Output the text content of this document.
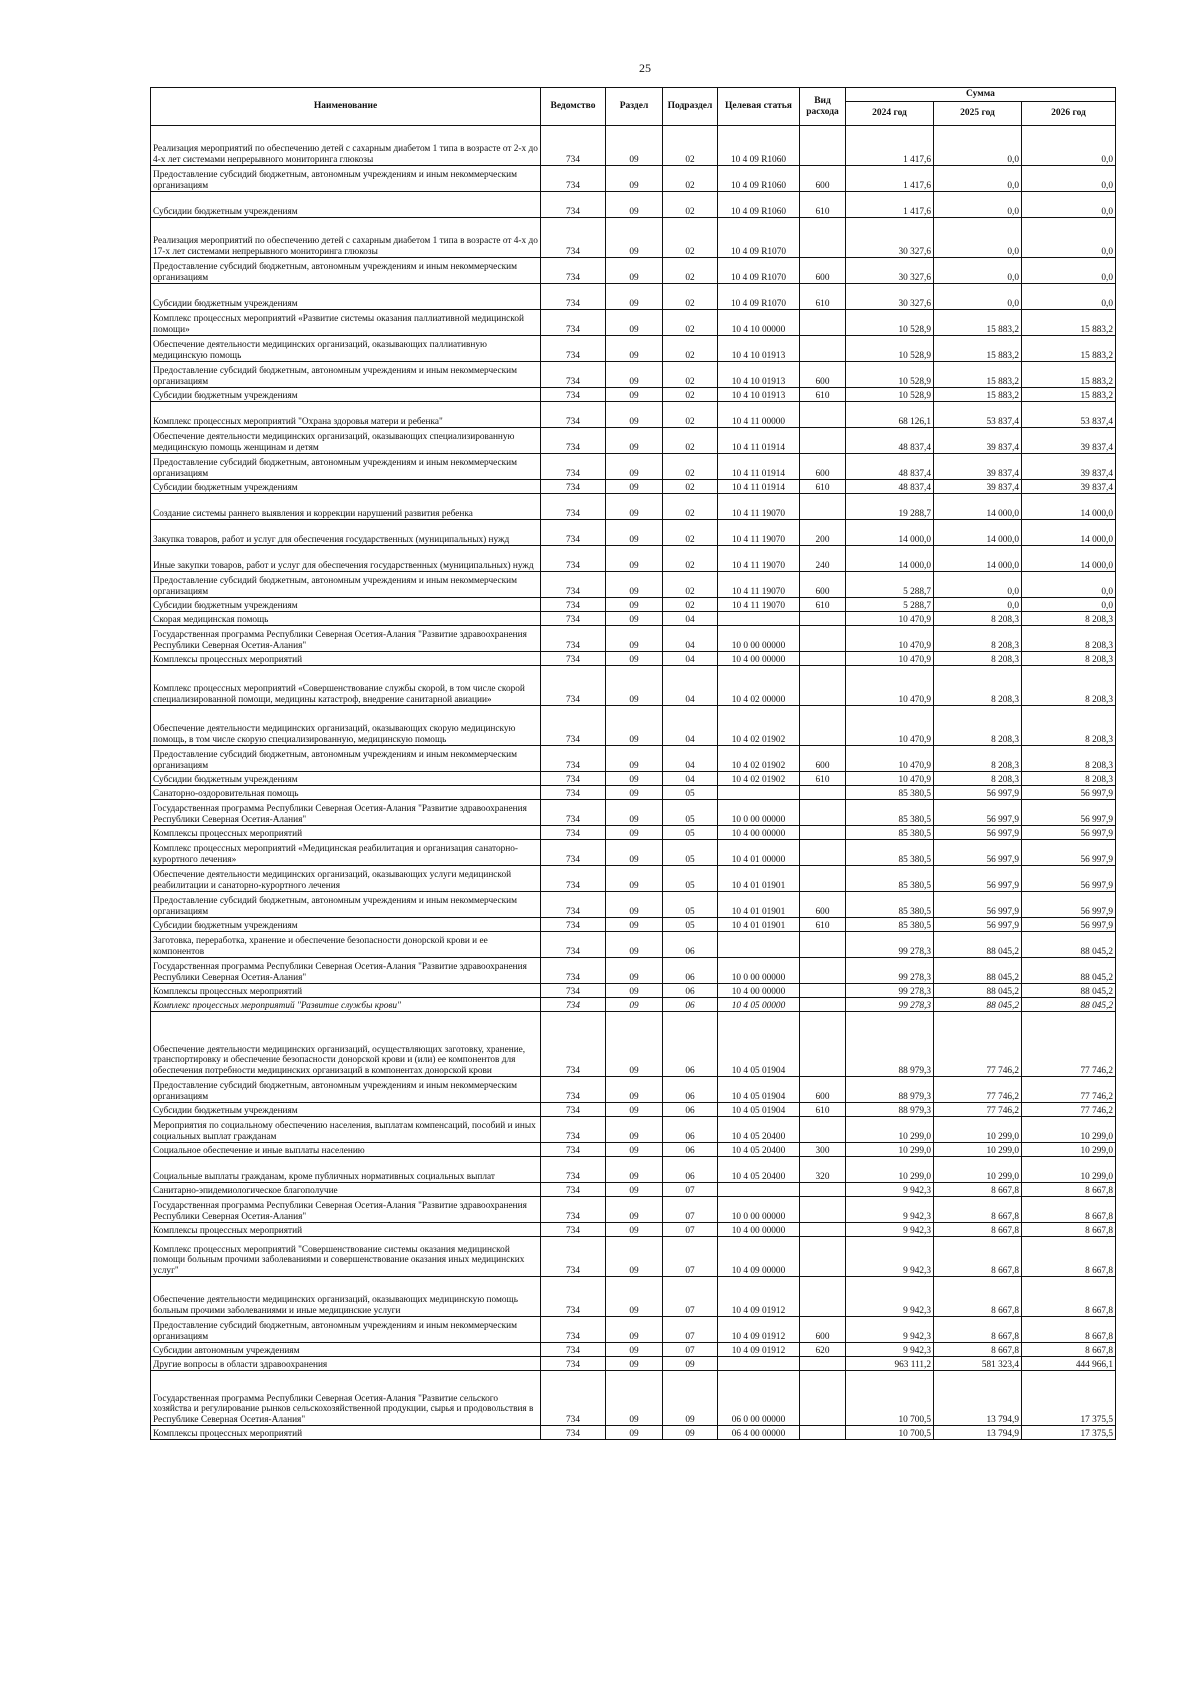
25
Наименование	Ведомство	Раздел	Подраздел	Целевая статья	Вид расхода	Сумма		
						2024 год	2025 год	2026 год
Реализация мероприятий по обеспечению детей с сахарным диабетом 1 типа в возрасте от 2-х до 4-х лет системами непрерывного мониторинга глюкозы	734	09	02	10 4 09 R1060		1 417,6	0,0	0,0
Предоставление субсидий бюджетным, автономным учреждениям и иным некоммерческим организациям	734	09	02	10 4 09 R1060	600	1 417,6	0,0	0,0
Субсидии бюджетным учреждениям	734	09	02	10 4 09 R1060	610	1 417,6	0,0	0,0
Реализация мероприятий по обеспечению детей с сахарным диабетом 1 типа в возрасте от 4-х до 17-х лет системами непрерывного мониторинга глюкозы	734	09	02	10 4 09 R1070		30 327,6	0,0	0,0
Предоставление субсидий бюджетным, автономным учреждениям и иным некоммерческим организациям	734	09	02	10 4 09 R1070	600	30 327,6	0,0	0,0
Субсидии бюджетным учреждениям	734	09	02	10 4 09 R1070	610	30 327,6	0,0	0,0
Комплекс процессных мероприятий «Развитие системы оказания паллиативной медицинской помощи»	734	09	02	10 4 10 00000		10 528,9	15 883,2	15 883,2
Обеспечение деятельности медицинских организаций, оказывающих паллиативную медицинскую помощь	734	09	02	10 4 10 01913		10 528,9	15 883,2	15 883,2
Предоставление субсидий бюджетным, автономным учреждениям и иным некоммерческим организациям	734	09	02	10 4 10 01913	600	10 528,9	15 883,2	15 883,2
Субсидии бюджетным учреждениям	734	09	02	10 4 10 01913	610	10 528,9	15 883,2	15 883,2
Комплекс процессных мероприятий "Охрана здоровья матери и ребенка"	734	09	02	10 4 11 00000		68 126,1	53 837,4	53 837,4
Обеспечение деятельности медицинских организаций, оказывающих специализированную медицинскую помощь женщинам и детям	734	09	02	10 4 11 01914		48 837,4	39 837,4	39 837,4
Предоставление субсидий бюджетным, автономным учреждениям и иным некоммерческим организациям	734	09	02	10 4 11 01914	600	48 837,4	39 837,4	39 837,4
Субсидии бюджетным учреждениям	734	09	02	10 4 11 01914	610	48 837,4	39 837,4	39 837,4
Создание системы раннего выявления и коррекции нарушений развития ребенка	734	09	02	10 4 11 19070		19 288,7	14 000,0	14 000,0
Закупка товаров, работ и услуг для обеспечения государственных (муниципальных) нужд	734	09	02	10 4 11 19070	200	14 000,0	14 000,0	14 000,0
Иные закупки товаров, работ и услуг для обеспечения государственных (муниципальных) нужд	734	09	02	10 4 11 19070	240	14 000,0	14 000,0	14 000,0
Предоставление субсидий бюджетным, автономным учреждениям и иным некоммерческим организациям	734	09	02	10 4 11 19070	600	5 288,7	0,0	0,0
Субсидии бюджетным учреждениям	734	09	02	10 4 11 19070	610	5 288,7	0,0	0,0
Скорая медицинская помощь	734	09	04			10 470,9	8 208,3	8 208,3
Государственная программа Республики Северная Осетия-Алания "Развитие здравоохранения Республики Северная Осетия-Алания"	734	09	04	10 0 00 00000		10 470,9	8 208,3	8 208,3
Комплексы процессных мероприятий	734	09	04	10 4 00 00000		10 470,9	8 208,3	8 208,3
Комплекс процессных мероприятий «Совершенствование службы скорой, в том числе скорой специализированной помощи, медицины катастроф, внедрение санитарной авиации»	734	09	04	10 4 02 00000		10 470,9	8 208,3	8 208,3
Обеспечение деятельности медицинских организаций, оказывающих скорую медицинскую помощь, в том числе скорую специализированную, медицинскую помощь	734	09	04	10 4 02 01902		10 470,9	8 208,3	8 208,3
Предоставление субсидий бюджетным, автономным учреждениям и иным некоммерческим организациям	734	09	04	10 4 02 01902	600	10 470,9	8 208,3	8 208,3
Субсидии бюджетным учреждениям	734	09	04	10 4 02 01902	610	10 470,9	8 208,3	8 208,3
Санаторно-оздоровительная помощь	734	09	05			85 380,5	56 997,9	56 997,9
Государственная программа Республики Северная Осетия-Алания "Развитие здравоохранения Республики Северная Осетия-Алания"	734	09	05	10 0 00 00000		85 380,5	56 997,9	56 997,9
Комплексы процессных мероприятий	734	09	05	10 4 00 00000		85 380,5	56 997,9	56 997,9
Комплекс процессных мероприятий «Медицинская реабилитация и организация санаторно-курортного лечения»	734	09	05	10 4 01 00000		85 380,5	56 997,9	56 997,9
Обеспечение деятельности медицинских организаций, оказывающих услуги медицинской реабилитации и санаторно-курортного лечения	734	09	05	10 4 01 01901		85 380,5	56 997,9	56 997,9
Предоставление субсидий бюджетным, автономным учреждениям и иным некоммерческим организациям	734	09	05	10 4 01 01901	600	85 380,5	56 997,9	56 997,9
Субсидии бюджетным учреждениям	734	09	05	10 4 01 01901	610	85 380,5	56 997,9	56 997,9
Заготовка, переработка, хранение и обеспечение безопасности донорской крови и ее компонентов	734	09	06			99 278,3	88 045,2	88 045,2
Государственная программа Республики Северная Осетия-Алания "Развитие здравоохранения Республики Северная Осетия-Алания"	734	09	06	10 0 00 00000		99 278,3	88 045,2	88 045,2
Комплексы процессных мероприятий	734	09	06	10 4 00 00000		99 278,3	88 045,2	88 045,2
Комплекс процессных мероприятий "Развитие службы крови"	734	09	06	10 4 05 00000		99 278,3	88 045,2	88 045,2
Обеспечение деятельности медицинских организаций, осуществляющих заготовку, хранение, транспортировку и обеспечение безопасности донорской крови и (или) ее компонентов для обеспечения потребности медицинских организаций в компонентах донорской крови	734	09	06	10 4 05 01904		88 979,3	77 746,2	77 746,2
Предоставление субсидий бюджетным, автономным учреждениям и иным некоммерческим организациям	734	09	06	10 4 05 01904	600	88 979,3	77 746,2	77 746,2
Субсидии бюджетным учреждениям	734	09	06	10 4 05 01904	610	88 979,3	77 746,2	77 746,2
Мероприятия по социальному обеспечению населения, выплатам компенсаций, пособий и иных социальных выплат гражданам	734	09	06	10 4 05 20400		10 299,0	10 299,0	10 299,0
Социальное обеспечение и иные выплаты населению	734	09	06	10 4 05 20400	300	10 299,0	10 299,0	10 299,0
Социальные выплаты гражданам, кроме публичных нормативных социальных выплат	734	09	06	10 4 05 20400	320	10 299,0	10 299,0	10 299,0
Санитарно-эпидемиологическое благополучие	734	09	07			9 942,3	8 667,8	8 667,8
Государственная программа Республики Северная Осетия-Алания "Развитие здравоохранения Республики Северная Осетия-Алания"	734	09	07	10 0 00 00000		9 942,3	8 667,8	8 667,8
Комплексы процессных мероприятий	734	09	07	10 4 00 00000		9 942,3	8 667,8	8 667,8
Комплекс процессных мероприятий "Совершенствование системы оказания медицинской помощи больным прочими заболеваниями и совершенствование оказания иных медицинских услуг"	734	09	07	10 4 09 00000		9 942,3	8 667,8	8 667,8
Обеспечение деятельности медицинских организаций, оказывающих медицинскую помощь больным прочими заболеваниями и иные медицинские услуги	734	09	07	10 4 09 01912		9 942,3	8 667,8	8 667,8
Предоставление субсидий бюджетным, автономным учреждениям и иным некоммерческим организациям	734	09	07	10 4 09 01912	600	9 942,3	8 667,8	8 667,8
Субсидии автономным учреждениям	734	09	07	10 4 09 01912	620	9 942,3	8 667,8	8 667,8
Другие вопросы в области здравоохранения	734	09	09			963 111,2	581 323,4	444 966,1
Государственная программа Республики Северная Осетия-Алания "Развитие сельского хозяйства и регулирование рынков сельскохозяйственной продукции, сырья и продовольствия в Республике Северная Осетия-Алания"	734	09	09	06 0 00 00000		10 700,5	13 794,9	17 375,5
Комплексы процессных мероприятий	734	09	09	06 4 00 00000		10 700,5	13 794,9	17 375,5
